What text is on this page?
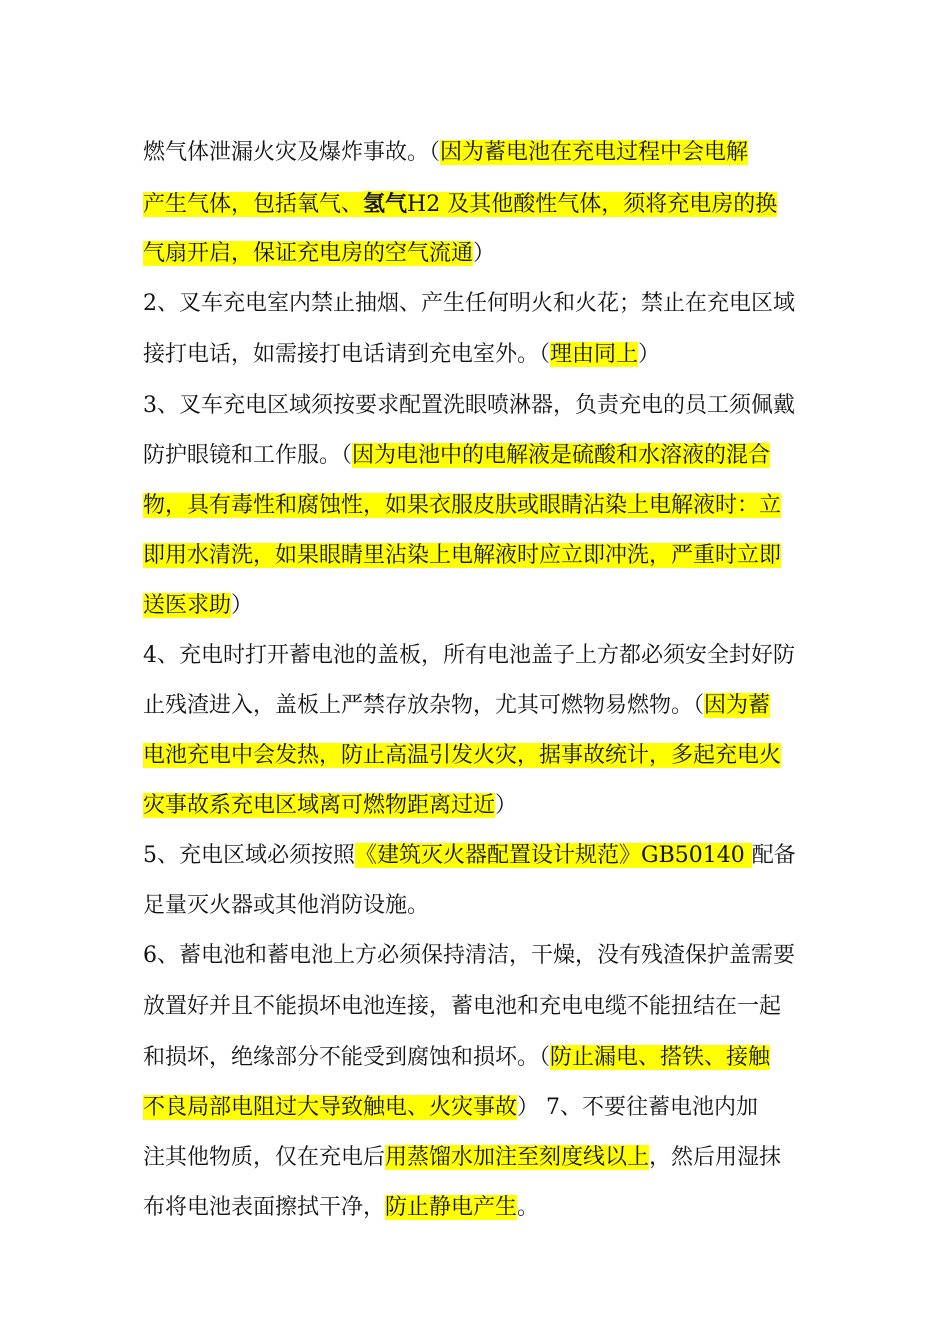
燃气体泄漏火灾及爆炸事故。（因为蓄电池在充电过程中会电解
产生气体，包括氧气、氢气H2 及其他酸性气体，须将充电房的换
气扇开启，保证充电房的空气流通）
2、叉车充电室内禁止抽烟、产生任何明火和火花；禁止在充电区域
接打电话，如需接打电话请到充电室外。（理由同上）
3、叉车充电区域须按要求配置洗眼喷淋器，负责充电的员工须佩戴
防护眼镜和工作服。（因为电池中的电解液是硫酸和水溶液的混合
物，具有毒性和腐蚀性，如果衣服皮肤或眼睛沾染上电解液时：立
即用水清洗，如果眼睛里沾染上电解液时应立即冲洗，严重时立即
送医求助）
4、充电时打开蓄电池的盖板，所有电池盖子上方都必须安全封好防
止残渣进入，盖板上严禁存放杂物，尤其可燃物易燃物。（因为蓄
电池充电中会发热，防止高温引发火灾，据事故统计，多起充电火
灾事故系充电区域离可燃物距离过近）
5、充电区域必须按照《建筑灭火器配置设计规范》GB50140 配备
足量灭火器或其他消防设施。
6、蓄电池和蓄电池上方必须保持清洁，干燥，没有残渣保护盖需要
放置好并且不能损坏电池连接，蓄电池和充电电缆不能扭结在一起
和损坏，绝缘部分不能受到腐蚀和损坏。（防止漏电、搭铁、接触
不良局部电阻过大导致触电、火灾事故） 7、不要往蓄电池内加
注其他物质，仅在充电后用蒸馏水加注至刻度线以上，然后用湿抹
布将电池表面擦拭干净，防止静电产生。
